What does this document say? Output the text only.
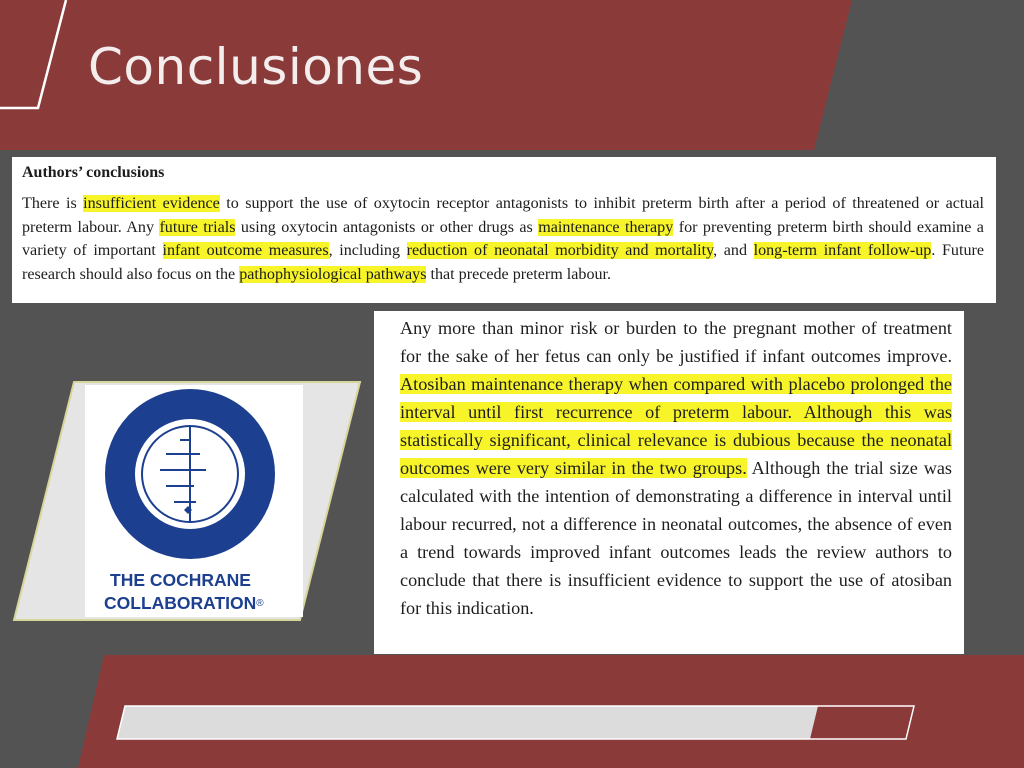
Conclusiones

Authors’ conclusions

There is insufficient evidence to support the use of oxytocin receptor antagonists to inhibit preterm birth after a period of threatened or actual preterm labour. Any future trials using oxytocin antagonists or other drugs as maintenance therapy for preventing preterm birth should examine a variety of important infant outcome measures, including reduction of neonatal morbidity and mortality, and long-term infant follow-up. Future research should also focus on the pathophysiological pathways that precede preterm labour.

THE COCHRANE

COLLABORATION®

Any more than minor risk or burden to the pregnant mother of treatment for the sake of her fetus can only be justified if infant outcomes improve. Atosiban maintenance therapy when compared with placebo prolonged the interval until first recurrence of preterm labour. Although this was statistically significant, clinical relevance is dubious because the neonatal outcomes were very similar in the two groups. Although the trial size was calculated with the intention of demonstrating a difference in interval until labour recurred, not a difference in neonatal outcomes, the absence of even a trend towards improved infant outcomes leads the review authors to conclude that there is insufficient evidence to support the use of atosiban for this indication.
